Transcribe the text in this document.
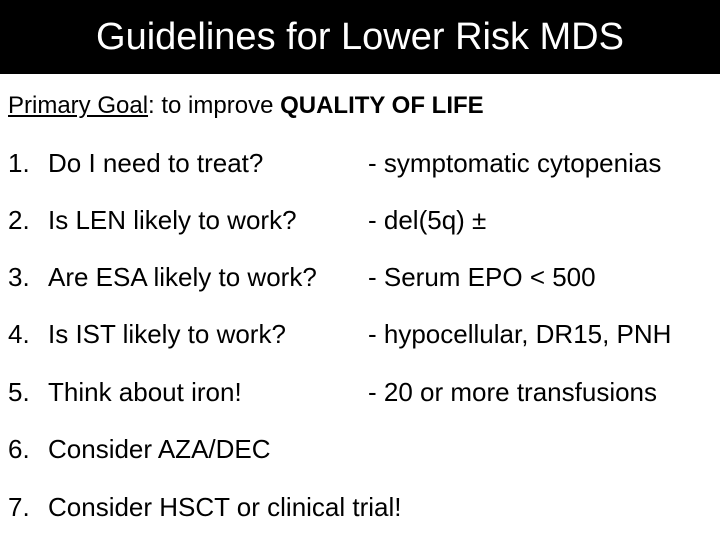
Guidelines for Lower Risk MDS
Primary Goal: to improve QUALITY OF LIFE
1. Do I need to treat?	- symptomatic cytopenias
2. Is LEN likely to work?	- del(5q) ±
3. Are ESA likely to work? - Serum EPO < 500
4. Is IST likely to work?	- hypocellular, DR15, PNH
5. Think about iron!	- 20 or more transfusions
6. Consider AZA/DEC
7. Consider HSCT or clinical trial!
